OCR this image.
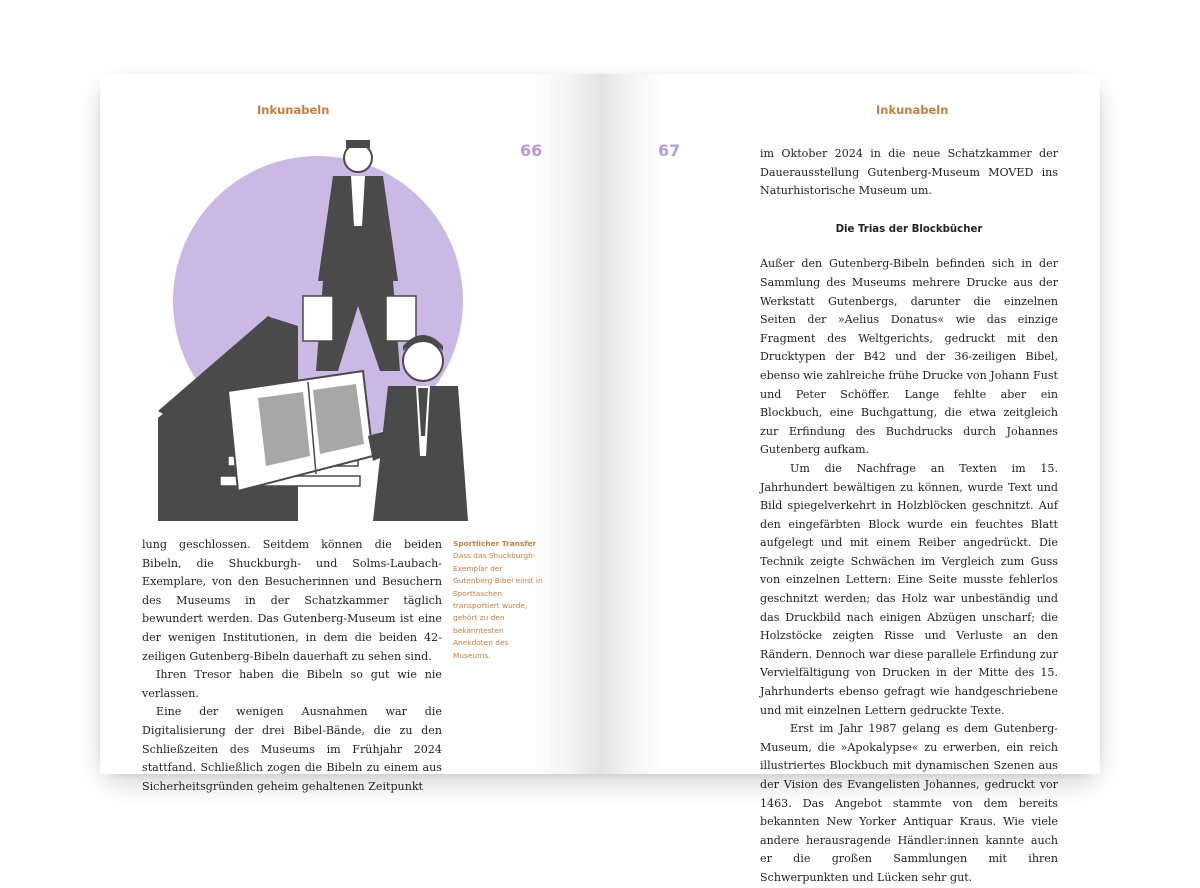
Inkunabeln
66

lung geschlossen. Seitdem können die beiden Bibeln, die Shuckburgh- und Solms-Laubach-Exemplare, von den Besucherinnen und Besuchern des Museums in der Schatzkammer täglich bewundert werden. Das Gutenberg-Museum ist eine der wenigen Institutionen, in dem die beiden 42-zeiligen Gutenberg-Bibeln dauerhaft zu sehen sind.

Ihren Tresor haben die Bibeln so gut wie nie verlassen.

Eine der wenigen Ausnahmen war die Digitalisierung der drei Bibel-Bände, die zu den Schließzeiten des Museums im Frühjahr 2024 stattfand. Schließlich zogen die Bibeln zu einem aus Sicherheitsgründen geheim gehaltenen Zeitpunkt

Sportlicher Transfer
Dass das Shuckburgh-Exemplar der Gutenberg-Bibel einst in Sporttaschen transportiert wurde, gehört zu den bekanntesten Anekdoten des Museums.
Inkunabeln
67	im Oktober 2024 in die neue Schatzkammer der Dauerausstellung Gutenberg-Museum MOVED ins Naturhistorische Museum um.

Die Trias der Blockbücher

Außer den Gutenberg-Bibeln befinden sich in der Sammlung des Museums mehrere Drucke aus der Werkstatt Gutenbergs, darunter die einzelnen Seiten der »Aelius Donatus« wie das einzige Fragment des Weltgerichts, gedruckt mit den Drucktypen der B42 und der 36-zeiligen Bibel, ebenso wie zahlreiche frühe Drucke von Johann Fust und Peter Schöffer. Lange fehlte aber ein Blockbuch, eine Buchgattung, die etwa zeitgleich zur Erfindung des Buchdrucks durch Johannes Gutenberg aufkam.

Um die Nachfrage an Texten im 15. Jahrhundert bewältigen zu können, wurde Text und Bild spiegelverkehrt in Holzblöcken geschnitzt. Auf den eingefärbten Block wurde ein feuchtes Blatt aufgelegt und mit einem Reiber angedrückt. Die Technik zeigte Schwächen im Vergleich zum Guss von einzelnen Lettern: Eine Seite musste fehlerlos geschnitzt werden; das Holz war unbeständig und das Druckbild nach einigen Abzügen unscharf; die Holzstöcke zeigten Risse und Verluste an den Rändern. Dennoch war diese parallele Erfindung zur Vervielfältigung von Drucken in der Mitte des 15. Jahrhunderts ebenso gefragt wie handgeschriebene und mit einzelnen Lettern gedruckte Texte.

Erst im Jahr 1987 gelang es dem Gutenberg-Museum, die »Apokalypse« zu erwerben, ein reich illustriertes Blockbuch mit dynamischen Szenen aus der Vision des Evangelisten Johannes, gedruckt vor 1463. Das Angebot stammte von dem bereits bekannten New Yorker Antiquar Kraus. Wie viele andere herausragende Händler:innen kannte auch er die großen Sammlungen mit ihren Schwerpunkten und Lücken sehr gut.
